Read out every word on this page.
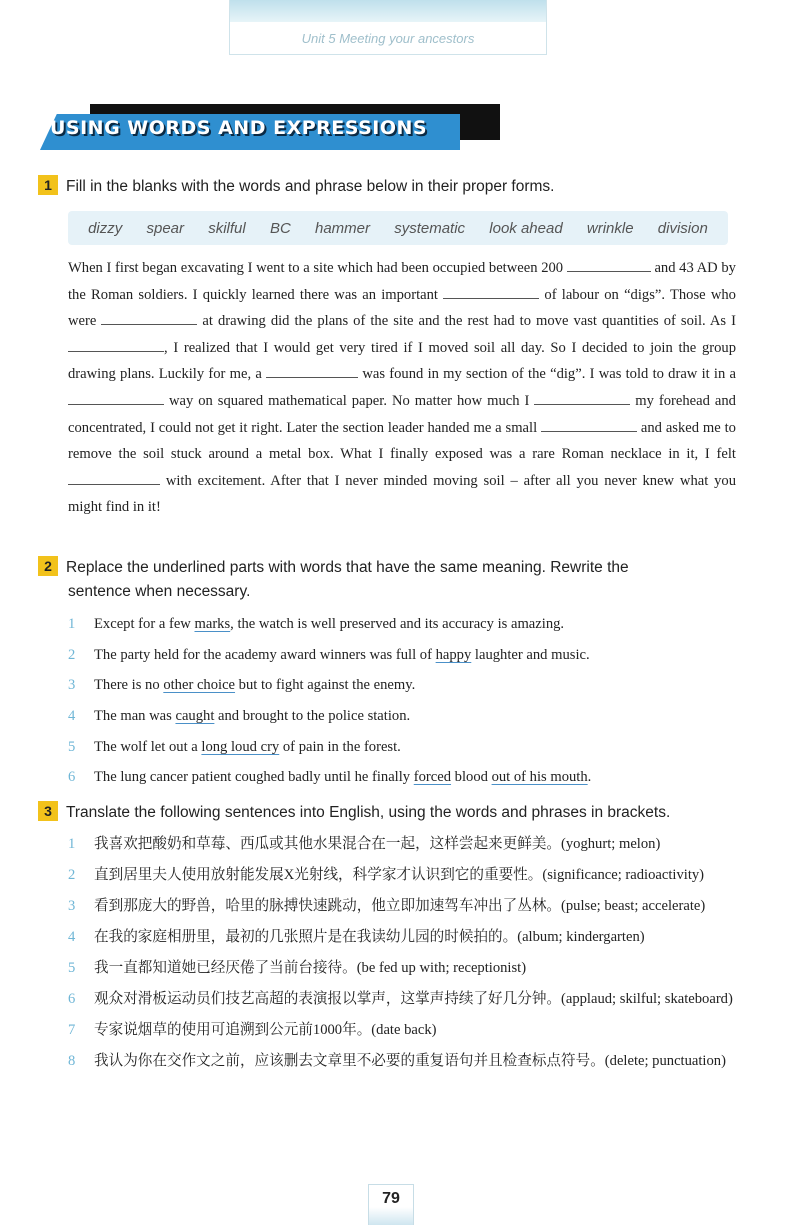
Unit 5 Meeting your ancestors
USING WORDS AND EXPRESSIONS
1 Fill in the blanks with the words and phrase below in their proper forms.
dizzy spear skilful BC hammer systematic look ahead wrinkle division
When I first began excavating I went to a site which had been occupied between 200	and 43 AD by the Roman soldiers. I quickly learned there was an important	of labour on “digs”. Those who were	at drawing did the plans of the site and the rest had to move vast quantities of soil. As I , I realized that I would get very tired if I moved soil all day. So I decided to join the group drawing plans. Luckily for me, a	was found in my section of the “dig”. I was told to draw it in a  way on squared mathematical paper. No matter how much I	my forehead and concentrated, I could not get it right. Later the section leader handed me a small	and asked me to remove the soil stuck around a metal box. What I finally exposed was a rare Roman necklace in it, I felt  with excitement. After that I never minded moving soil – after all you never knew what you might find in it!
2 Replace the underlined parts with words that have the same meaning. Rewrite the
sentence when necessary.
1 Except for a few marks, the watch is well preserved and its accuracy is amazing.
2 The party held for the academy award winners was full of happy laughter and music.
3 There is no other choice but to fight against the enemy.
4 The man was caught and brought to the police station.
5 The wolf let out a long loud cry of pain in the forest.
6 The lung cancer patient coughed badly until he finally forced blood out of his mouth.
3 Translate the following sentences into English, using the words and phrases in brackets.
1 我喜欢把酸奶和草莓、西瓜或其他水果混合在一起，这样尝起来更鲜美。(yoghurt; melon)
2 直到居里夫人使用放射能发展X光射线，科学家才认识到它的重要性。(significance; radioactivity)
3 看到那庞大的野兽，哈里的脉搏快速跳动，他立即加速驾车冲出了丛林。(pulse; beast; accelerate)
4 在我的家庭相册里，最初的几张照片是在我读幼儿园的时候拍的。(album; kindergarten)
5 我一直都知道她已经厌倦了当前台接待。(be fed up with; receptionist)
6 观众对滑板运动员们技艺高超的表演报以掌声，这掌声持续了好几分钟。(applaud; skilful; skateboard)
7 专家说烟草的使用可追溯到公元前1000年。(date back)
8 我认为你在交作文之前，应该删去文章里不必要的重复语句并且检查标点符号。(delete; punctuation)
79
